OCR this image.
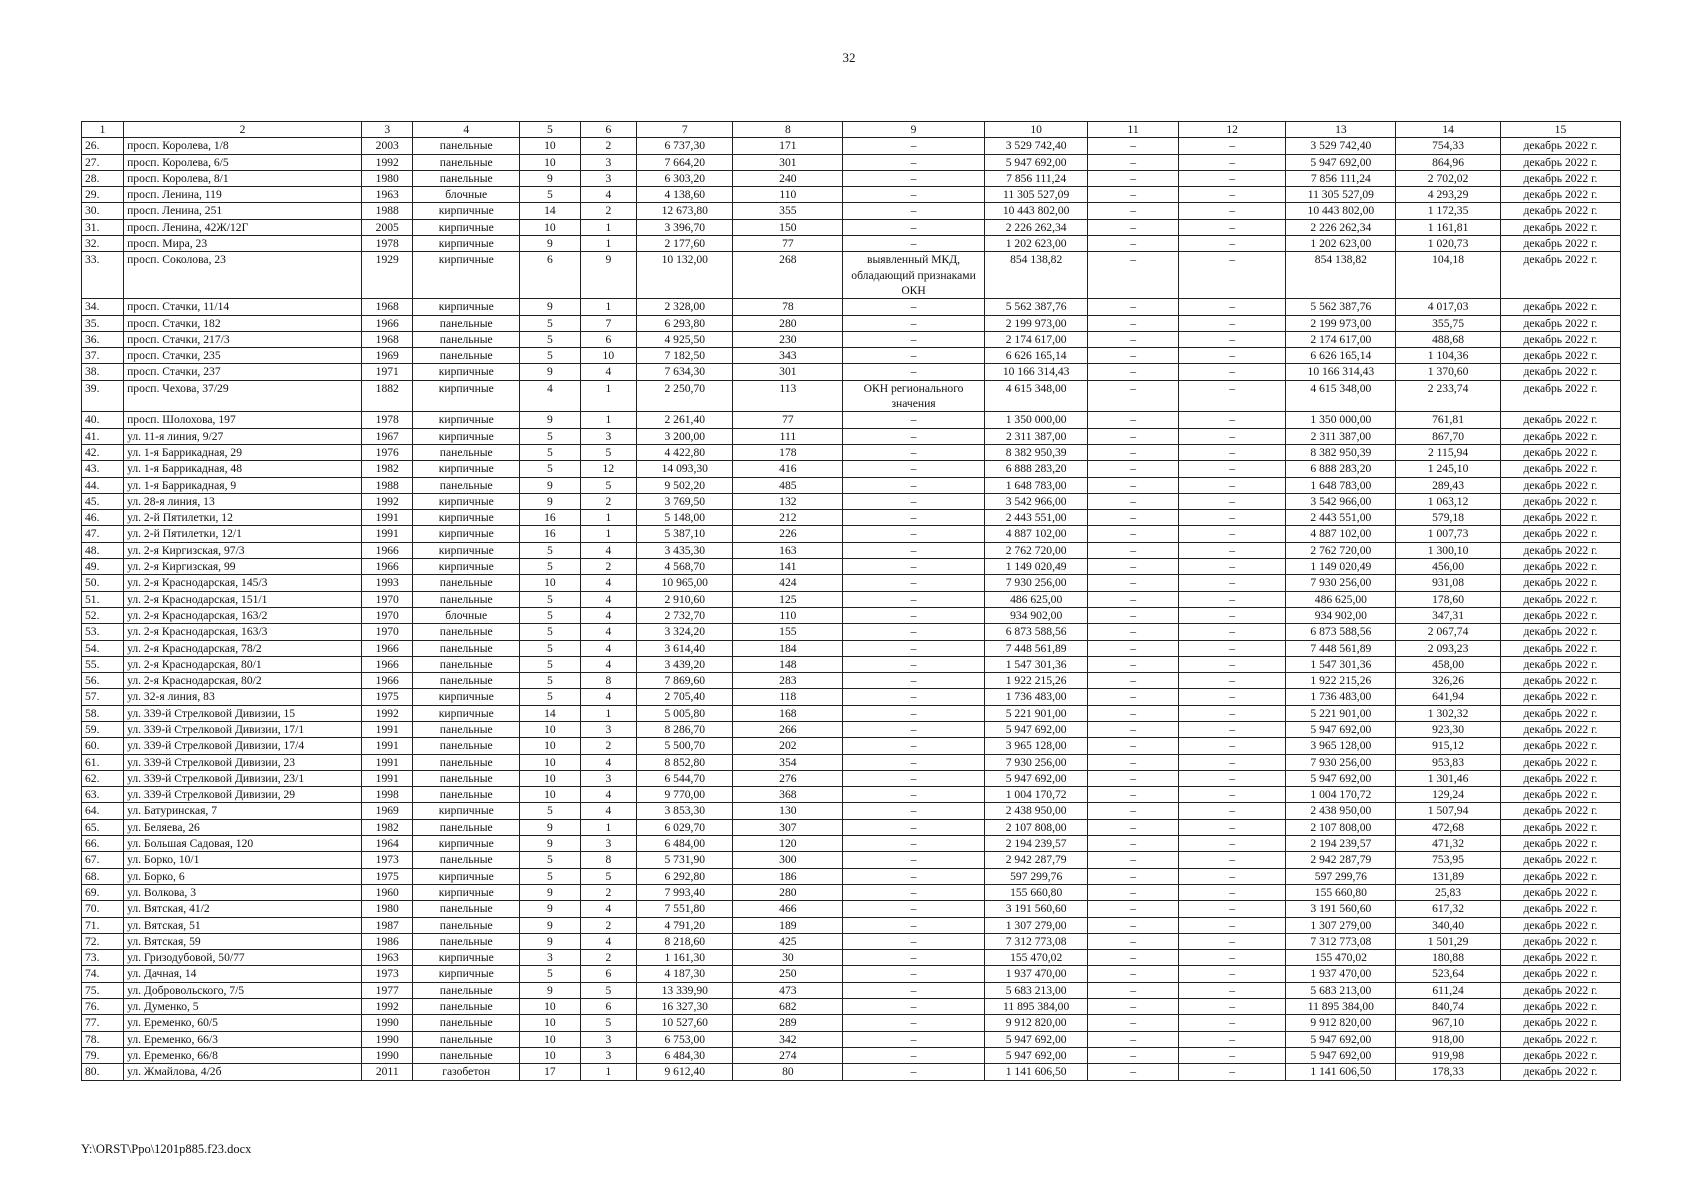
32
1	2	3	4	5	6	7	8	9	10	11	12	13	14	15
26.	просп. Королева, 1/8	2003	панельные	10	2	6 737,30	171	–	3 529 742,40	–	–	3 529 742,40	754,33	декабрь 2022 г.
27.	просп. Королева, 6/5	1992	панельные	10	3	7 664,20	301	–	5 947 692,00	–	–	5 947 692,00	864,96	декабрь 2022 г.
28.	просп. Королева, 8/1	1980	панельные	9	3	6 303,20	240	–	7 856 111,24	–	–	7 856 111,24	2 702,02	декабрь 2022 г.
29.	просп. Ленина, 119	1963	блочные	5	4	4 138,60	110	–	11 305 527,09	–	–	11 305 527,09	4 293,29	декабрь 2022 г.
30.	просп. Ленина, 251	1988	кирпичные	14	2	12 673,80	355	–	10 443 802,00	–	–	10 443 802,00	1 172,35	декабрь 2022 г.
31.	просп. Ленина, 42Ж/12Г	2005	кирпичные	10	1	3 396,70	150	–	2 226 262,34	–	–	2 226 262,34	1 161,81	декабрь 2022 г.
32.	просп. Мира, 23	1978	кирпичные	9	1	2 177,60	77	–	1 202 623,00	–	–	1 202 623,00	1 020,73	декабрь 2022 г.
33.	просп. Соколова, 23	1929	кирпичные	6	9	10 132,00	268	выявленный МКД, обладающий признаками ОКН	854 138,82	–	–	854 138,82	104,18	декабрь 2022 г.
34.	просп. Стачки, 11/14	1968	кирпичные	9	1	2 328,00	78	–	5 562 387,76	–	–	5 562 387,76	4 017,03	декабрь 2022 г.
35.	просп. Стачки, 182	1966	панельные	5	7	6 293,80	280	–	2 199 973,00	–	–	2 199 973,00	355,75	декабрь 2022 г.
36.	просп. Стачки, 217/3	1968	панельные	5	6	4 925,50	230	–	2 174 617,00	–	–	2 174 617,00	488,68	декабрь 2022 г.
37.	просп. Стачки, 235	1969	панельные	5	10	7 182,50	343	–	6 626 165,14	–	–	6 626 165,14	1 104,36	декабрь 2022 г.
38.	просп. Стачки, 237	1971	кирпичные	9	4	7 634,30	301	–	10 166 314,43	–	–	10 166 314,43	1 370,60	декабрь 2022 г.
39.	просп. Чехова, 37/29	1882	кирпичные	4	1	2 250,70	113	ОКН регионального значения	4 615 348,00	–	–	4 615 348,00	2 233,74	декабрь 2022 г.
40.	просп. Шолохова, 197	1978	кирпичные	9	1	2 261,40	77	–	1 350 000,00	–	–	1 350 000,00	761,81	декабрь 2022 г.
41.	ул. 11-я линия, 9/27	1967	кирпичные	5	3	3 200,00	111	–	2 311 387,00	–	–	2 311 387,00	867,70	декабрь 2022 г.
42.	ул. 1-я Баррикадная, 29	1976	панельные	5	5	4 422,80	178	–	8 382 950,39	–	–	8 382 950,39	2 115,94	декабрь 2022 г.
43.	ул. 1-я Баррикадная, 48	1982	кирпичные	5	12	14 093,30	416	–	6 888 283,20	–	–	6 888 283,20	1 245,10	декабрь 2022 г.
44.	ул. 1-я Баррикадная, 9	1988	панельные	9	5	9 502,20	485	–	1 648 783,00	–	–	1 648 783,00	289,43	декабрь 2022 г.
45.	ул. 28-я линия, 13	1992	кирпичные	9	2	3 769,50	132	–	3 542 966,00	–	–	3 542 966,00	1 063,12	декабрь 2022 г.
46.	ул. 2-й Пятилетки, 12	1991	кирпичные	16	1	5 148,00	212	–	2 443 551,00	–	–	2 443 551,00	579,18	декабрь 2022 г.
47.	ул. 2-й Пятилетки, 12/1	1991	кирпичные	16	1	5 387,10	226	–	4 887 102,00	–	–	4 887 102,00	1 007,73	декабрь 2022 г.
48.	ул. 2-я Киргизская, 97/3	1966	кирпичные	5	4	3 435,30	163	–	2 762 720,00	–	–	2 762 720,00	1 300,10	декабрь 2022 г.
49.	ул. 2-я Киргизская, 99	1966	кирпичные	5	2	4 568,70	141	–	1 149 020,49	–	–	1 149 020,49	456,00	декабрь 2022 г.
50.	ул. 2-я Краснодарская, 145/3	1993	панельные	10	4	10 965,00	424	–	7 930 256,00	–	–	7 930 256,00	931,08	декабрь 2022 г.
51.	ул. 2-я Краснодарская, 151/1	1970	панельные	5	4	2 910,60	125	–	486 625,00	–	–	486 625,00	178,60	декабрь 2022 г.
52.	ул. 2-я Краснодарская, 163/2	1970	блочные	5	4	2 732,70	110	–	934 902,00	–	–	934 902,00	347,31	декабрь 2022 г.
53.	ул. 2-я Краснодарская, 163/3	1970	панельные	5	4	3 324,20	155	–	6 873 588,56	–	–	6 873 588,56	2 067,74	декабрь 2022 г.
54.	ул. 2-я Краснодарская, 78/2	1966	панельные	5	4	3 614,40	184	–	7 448 561,89	–	–	7 448 561,89	2 093,23	декабрь 2022 г.
55.	ул. 2-я Краснодарская, 80/1	1966	панельные	5	4	3 439,20	148	–	1 547 301,36	–	–	1 547 301,36	458,00	декабрь 2022 г.
56.	ул. 2-я Краснодарская, 80/2	1966	панельные	5	8	7 869,60	283	–	1 922 215,26	–	–	1 922 215,26	326,26	декабрь 2022 г.
57.	ул. 32-я линия, 83	1975	кирпичные	5	4	2 705,40	118	–	1 736 483,00	–	–	1 736 483,00	641,94	декабрь 2022 г.
58.	ул. 339-й Стрелковой Дивизии, 15	1992	кирпичные	14	1	5 005,80	168	–	5 221 901,00	–	–	5 221 901,00	1 302,32	декабрь 2022 г.
59.	ул. 339-й Стрелковой Дивизии, 17/1	1991	панельные	10	3	8 286,70	266	–	5 947 692,00	–	–	5 947 692,00	923,30	декабрь 2022 г.
60.	ул. 339-й Стрелковой Дивизии, 17/4	1991	панельные	10	2	5 500,70	202	–	3 965 128,00	–	–	3 965 128,00	915,12	декабрь 2022 г.
61.	ул. 339-й Стрелковой Дивизии, 23	1991	панельные	10	4	8 852,80	354	–	7 930 256,00	–	–	7 930 256,00	953,83	декабрь 2022 г.
62.	ул. 339-й Стрелковой Дивизии, 23/1	1991	панельные	10	3	6 544,70	276	–	5 947 692,00	–	–	5 947 692,00	1 301,46	декабрь 2022 г.
63.	ул. 339-й Стрелковой Дивизии, 29	1998	панельные	10	4	9 770,00	368	–	1 004 170,72	–	–	1 004 170,72	129,24	декабрь 2022 г.
64.	ул. Батуринская, 7	1969	кирпичные	5	4	3 853,30	130	–	2 438 950,00	–	–	2 438 950,00	1 507,94	декабрь 2022 г.
65.	ул. Беляева, 26	1982	панельные	9	1	6 029,70	307	–	2 107 808,00	–	–	2 107 808,00	472,68	декабрь 2022 г.
66.	ул. Большая Садовая, 120	1964	кирпичные	9	3	6 484,00	120	–	2 194 239,57	–	–	2 194 239,57	471,32	декабрь 2022 г.
67.	ул. Борко, 10/1	1973	панельные	5	8	5 731,90	300	–	2 942 287,79	–	–	2 942 287,79	753,95	декабрь 2022 г.
68.	ул. Борко, 6	1975	кирпичные	5	5	6 292,80	186	–	597 299,76	–	–	597 299,76	131,89	декабрь 2022 г.
69.	ул. Волкова, 3	1960	кирпичные	9	2	7 993,40	280	–	155 660,80	–	–	155 660,80	25,83	декабрь 2022 г.
70.	ул. Вятская, 41/2	1980	панельные	9	4	7 551,80	466	–	3 191 560,60	–	–	3 191 560,60	617,32	декабрь 2022 г.
71.	ул. Вятская, 51	1987	панельные	9	2	4 791,20	189	–	1 307 279,00	–	–	1 307 279,00	340,40	декабрь 2022 г.
72.	ул. Вятская, 59	1986	панельные	9	4	8 218,60	425	–	7 312 773,08	–	–	7 312 773,08	1 501,29	декабрь 2022 г.
73.	ул. Гризодубовой, 50/77	1963	кирпичные	3	2	1 161,30	30	–	155 470,02	–	–	155 470,02	180,88	декабрь 2022 г.
74.	ул. Дачная, 14	1973	кирпичные	5	6	4 187,30	250	–	1 937 470,00	–	–	1 937 470,00	523,64	декабрь 2022 г.
75.	ул. Добровольского, 7/5	1977	панельные	9	5	13 339,90	473	–	5 683 213,00	–	–	5 683 213,00	611,24	декабрь 2022 г.
76.	ул. Думенко, 5	1992	панельные	10	6	16 327,30	682	–	11 895 384,00	–	–	11 895 384,00	840,74	декабрь 2022 г.
77.	ул. Еременко, 60/5	1990	панельные	10	5	10 527,60	289	–	9 912 820,00	–	–	9 912 820,00	967,10	декабрь 2022 г.
78.	ул. Еременко, 66/3	1990	панельные	10	3	6 753,00	342	–	5 947 692,00	–	–	5 947 692,00	918,00	декабрь 2022 г.
79.	ул. Еременко, 66/8	1990	панельные	10	3	6 484,30	274	–	5 947 692,00	–	–	5 947 692,00	919,98	декабрь 2022 г.
80.	ул. Жмайлова, 4/2б	2011	газобетон	17	1	9 612,40	80	–	1 141 606,50	–	–	1 141 606,50	178,33	декабрь 2022 г.
Y:\ORST\Ppo\1201p885.f23.docx
